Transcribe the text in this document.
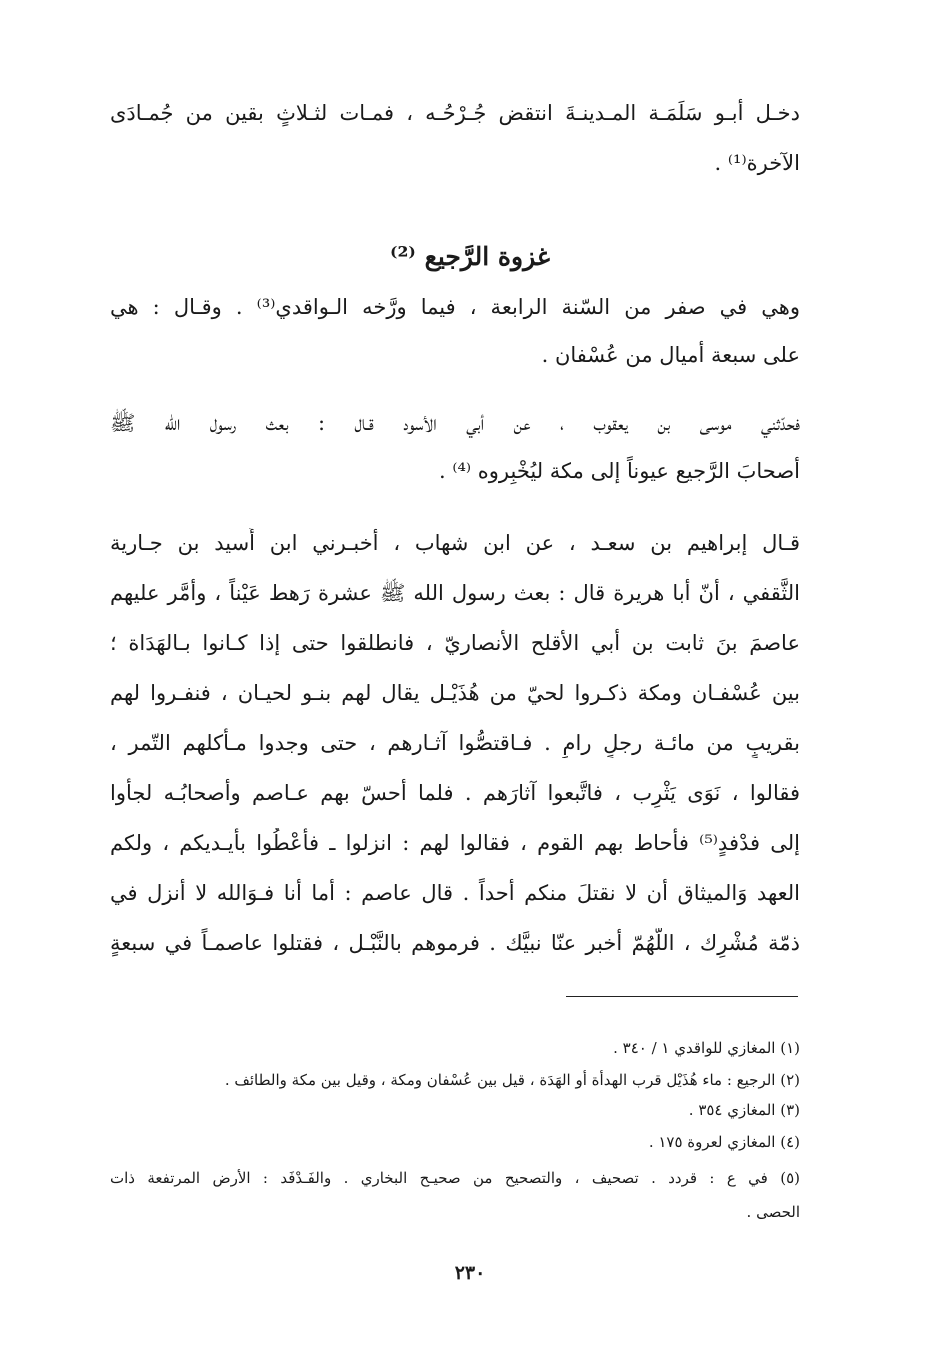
دخـل أبـو سَلَمَـة المـدينـةَ انتقض جُـرْحُـه ، فمـات لثـلاثٍ بقين من جُمـادَى
الآخرة⁽¹⁾ .
غزوة الرَّجيع ⁽²⁾
وهي في صفر من السّنة الرابعة ، فيما ورَّخه الـواقدي⁽³⁾ . وقـال : هي
على سبعة أميال من عُسْفان .
فحدّثني موسى بن يعقوب ، عن أبي الأسود قـال : بعث رسول الله ﷺ
أصحابَ الرَّجيع عيوناً إلى مكة ليُخْبِروه ⁽⁴⁾ .
قـال إبراهيم بن سعـد ، عن ابن شهاب ، أخبـرني ابن أَسيد بن جـارية
الثَّقفي ، أنّ أبا هريرة قال : بعث رسول الله ﷺ عشرة رَهط عَيْناً ، وأمَّر عليهم
عاصمَ بنَ ثابت بن أبي الأقلح الأنصاريّ ، فانطلقوا حتى إذا كـانوا بـالهَدَاة ؛
بين عُسْفـان ومكة ذكـروا لحيّ من هُذَيْـل يقال لهم بنـو لحيـان ، فنفـروا لهم
بقريبٍ من مائـة رجلٍ رامٍ . فـاقتصُّوا آثـارهم ، حتى وجدوا مـأكلهم التّمر ،
فقالوا ، نَوَى يَثْرِب ، فاتَّبعوا آثارَهم . فلما أحسّ بهم عـاصم وأصحابُـه لجأوا
إلى فدْفدٍ⁽⁵⁾ فأحاط بهم القوم ، فقالوا لهم : انزلوا ـ فأعْطُوا بأيـديكم ، ولكم
العهد وَالميثاق أن لا نقتلَ منكم أحداً . قال عاصم : أما أنا فـوَالله لا أنزل في
ذمّة مُشْرِك ، اللّهُمّ أخبر عنّا نبيَّك . فرموهم بالنَّبْـل ، فقتلوا عاصمـاً في سبعةٍ
(١) المغازي للواقدي ١ / ٣٤٠ .
(٢) الرجيع : ماء هُذَيْل قرب الهدأة أو الهَدَة ، قيل بين عُسْفان ومكة ، وقيل بين مكة والطائف .
(٣) المغازي ٣٥٤ .
(٤) المغازي لعروة ١٧٥ .
(٥) في ع : قردد . تصحيف ، والتصحيح من صحيـح البخاري . والفَـدْفَد : الأرض المرتفعة ذات
الحصى .
٢٣٠
